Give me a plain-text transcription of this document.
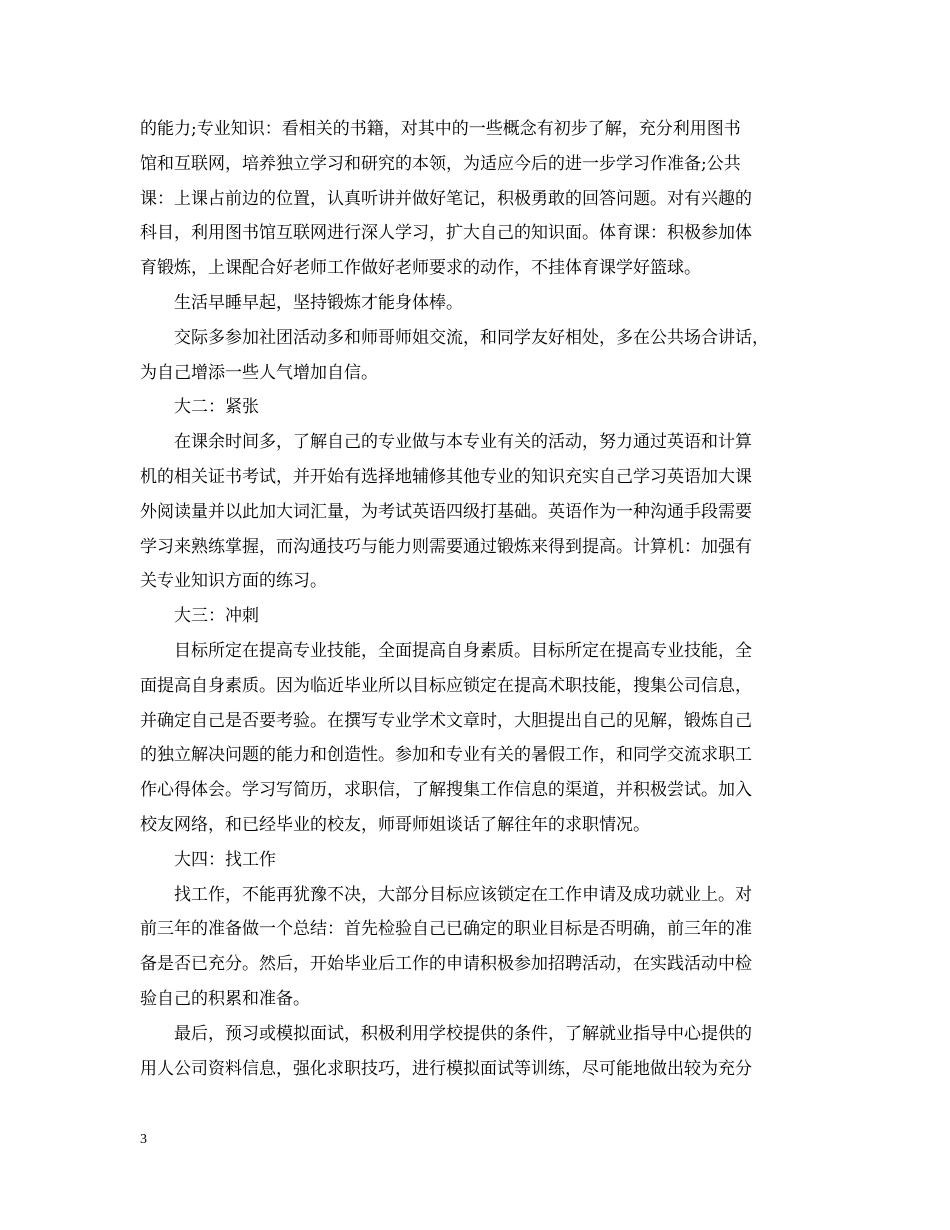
的能力;专业知识：看相关的书籍，对其中的一些概念有初步了解，充分利用图书
馆和互联网，培养独立学习和研究的本领，为适应今后的进一步学习作准备;公共
课：上课占前边的位置，认真听讲并做好笔记，积极勇敢的回答问题。对有兴趣的
科目，利用图书馆互联网进行深人学习，扩大自己的知识面。体育课：积极参加体
育锻炼，上课配合好老师工作做好老师要求的动作，不挂体育课学好篮球。
生活早睡早起，坚持锻炼才能身体棒。
交际多参加社团活动多和师哥师姐交流，和同学友好相处，多在公共场合讲话，
为自己增添一些人气增加自信。
大二：紧张
在课余时间多，了解自己的专业做与本专业有关的活动，努力通过英语和计算
机的相关证书考试，并开始有选择地辅修其他专业的知识充实自己学习英语加大课
外阅读量并以此加大词汇量，为考试英语四级打基础。英语作为一种沟通手段需要
学习来熟练掌握，而沟通技巧与能力则需要通过锻炼来得到提高。计算机：加强有
关专业知识方面的练习。
大三：冲刺
目标所定在提高专业技能，全面提高自身素质。目标所定在提高专业技能，全
面提高自身素质。因为临近毕业所以目标应锁定在提高术职技能，搜集公司信息，
并确定自己是否要考验。在撰写专业学术文章时，大胆提出自己的见解，锻炼自己
的独立解决问题的能力和创造性。参加和专业有关的暑假工作，和同学交流求职工
作心得体会。学习写简历，求职信，了解搜集工作信息的渠道，并积极尝试。加入
校友网络，和已经毕业的校友，师哥师姐谈话了解往年的求职情况。
大四：找工作
找工作，不能再犹豫不决，大部分目标应该锁定在工作申请及成功就业上。对
前三年的准备做一个总结：首先检验自己已确定的职业目标是否明确，前三年的准
备是否已充分。然后，开始毕业后工作的申请积极参加招聘活动，在实践活动中检
验自己的积累和准备。
最后，预习或模拟面试，积极利用学校提供的条件，了解就业指导中心提供的
用人公司资料信息，强化求职技巧，进行模拟面试等训练，尽可能地做出较为充分
3
